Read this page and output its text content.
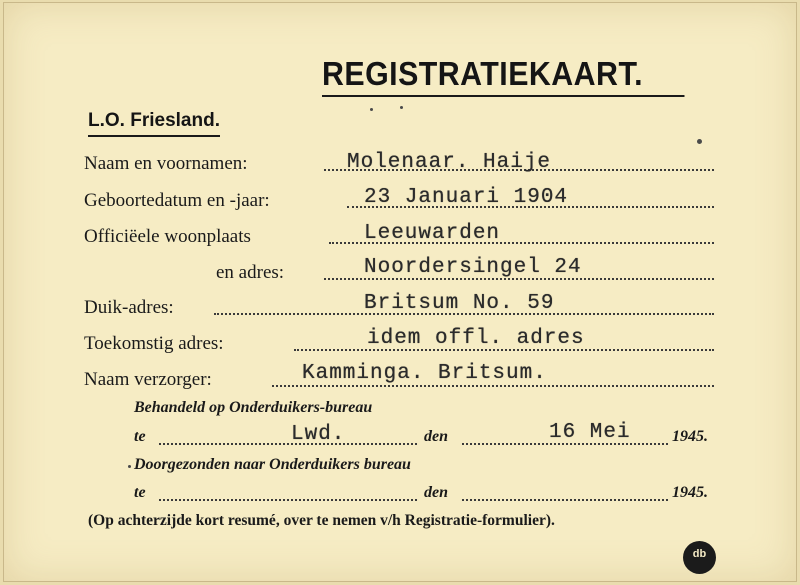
REGISTRATIEKAART.
L.O. Friesland.
Naam en voornamen:	Molenaar. Haije
Geboortedatum en -jaar:	23 Januari 1904
Officiëele woonplaats	Leeuwarden
en adres:	Noordersingel 24
Duik-adres:	Britsum No. 59
Toekomstig adres:	idem offl. adres
Naam verzorger:	Kamminga. Britsum.
Behandeld op Onderduikers-bureau
te	Lwd.	den	16 Mei	1945.
Doorgezonden naar Onderduikers bureau
te	den	1945.
(Op achterzijde kort resumé, over te nemen v/h Registratie-formulier).
db
